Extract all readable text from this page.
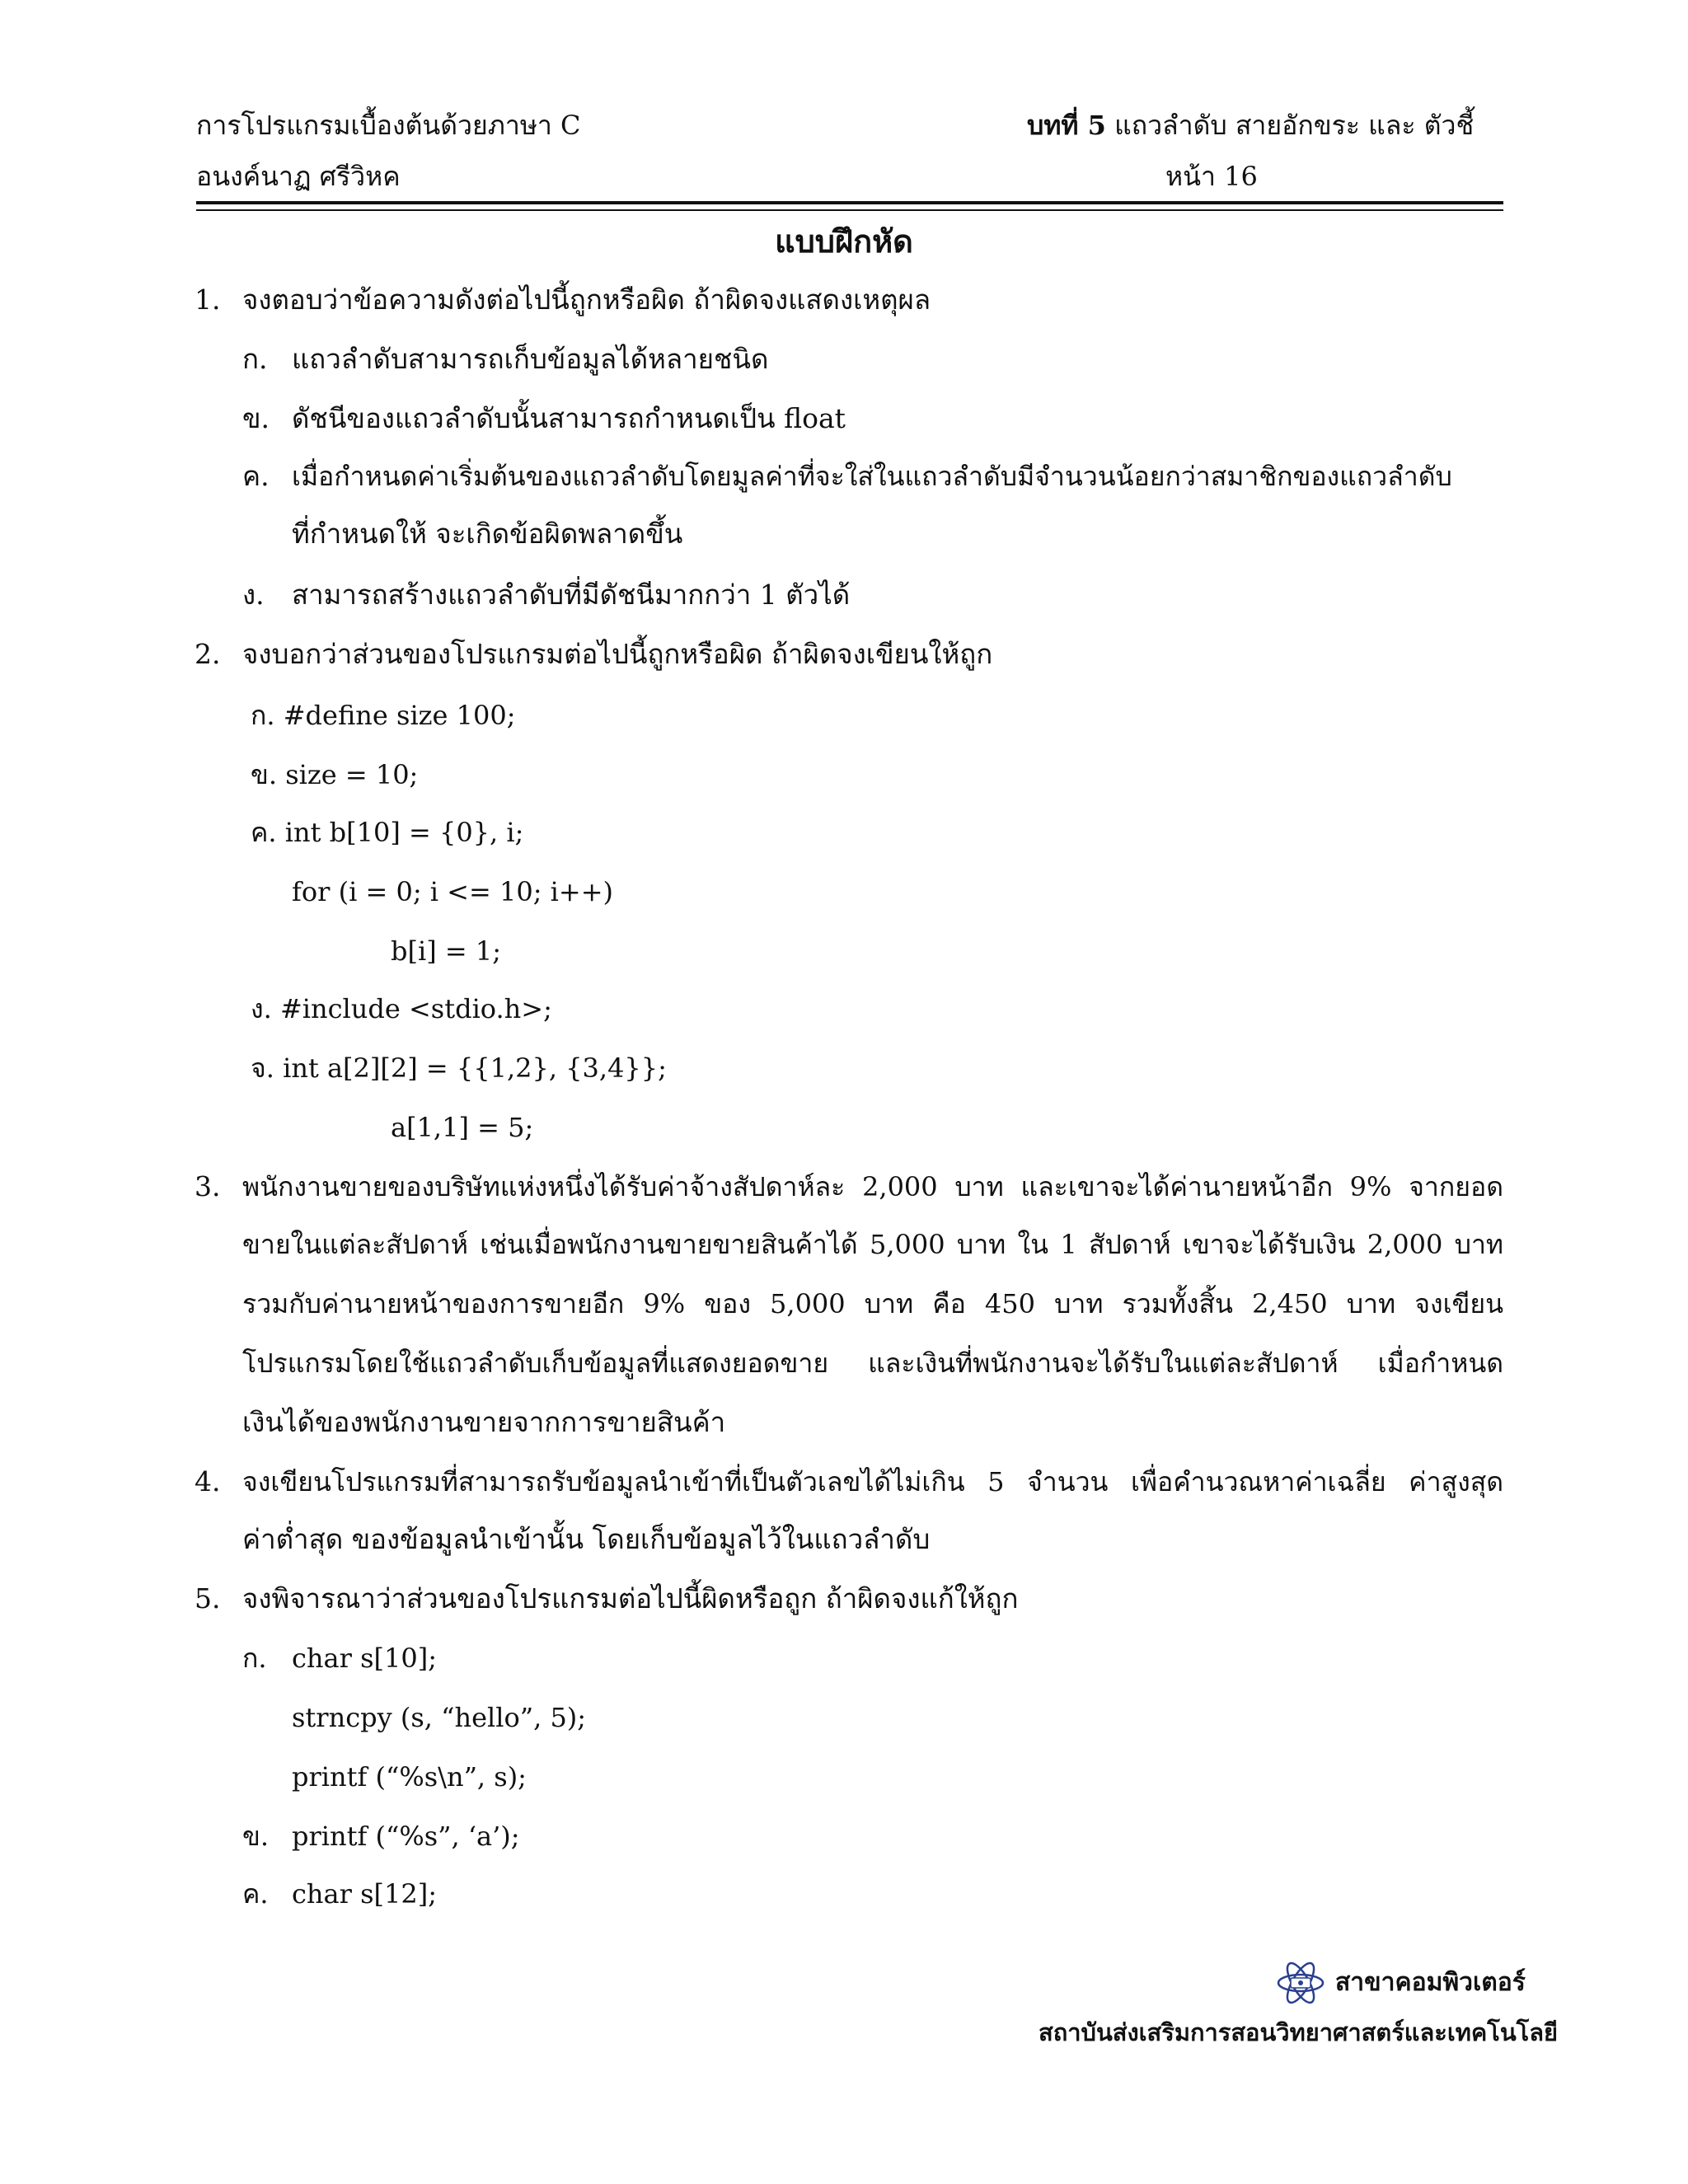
การโปรแกรมเบื้องต้นด้วยภาษา C
อนงค์นาฏ ศรีวิหค
บทที่ 5 แถวลำดับ สายอักขระ และ ตัวชี้
หน้า 16
แบบฝึกหัด
1. จงตอบว่าข้อความดังต่อไปนี้ถูกหรือผิด ถ้าผิดจงแสดงเหตุผล
ก. แถวลำดับสามารถเก็บข้อมูลได้หลายชนิด
ข. ดัชนีของแถวลำดับนั้นสามารถกำหนดเป็น float
ค. เมื่อกำหนดค่าเริ่มต้นของแถวลำดับโดยมูลค่าที่จะใส่ในแถวลำดับมีจำนวนน้อยกว่าสมาชิกของแถวลำดับ
ที่กำหนดให้ จะเกิดข้อผิดพลาดขึ้น
ง. สามารถสร้างแถวลำดับที่มีดัชนีมากกว่า 1 ตัวได้
2. จงบอกว่าส่วนของโปรแกรมต่อไปนี้ถูกหรือผิด ถ้าผิดจงเขียนให้ถูก
ก. #define size 100;
ข. size = 10;
ค. int b[10] = {0}, i;
for (i = 0; i <= 10; i++)
b[i] = 1;
ง. #include <stdio.h>;
จ. int a[2][2] = {{1,2}, {3,4}};
a[1,1] = 5;
3. พนักงานขายของบริษัทแห่งหนึ่งได้รับค่าจ้างสัปดาห์ละ 2,000 บาท และเขาจะได้ค่านายหน้าอีก 9% จากยอด
ขายในแต่ละสัปดาห์ เช่นเมื่อพนักงานขายขายสินค้าได้ 5,000 บาท ใน 1 สัปดาห์ เขาจะได้รับเงิน 2,000 บาท
รวมกับค่านายหน้าของการขายอีก 9% ของ 5,000 บาท คือ 450 บาท รวมทั้งสิ้น 2,450 บาท จงเขียน
โปรแกรมโดยใช้แถวลำดับเก็บข้อมูลที่แสดงยอดขาย และเงินที่พนักงานจะได้รับในแต่ละสัปดาห์ เมื่อกำหนด
เงินได้ของพนักงานขายจากการขายสินค้า
4. จงเขียนโปรแกรมที่สามารถรับข้อมูลนำเข้าที่เป็นตัวเลขได้ไม่เกิน 5 จำนวน เพื่อคำนวณหาค่าเฉลี่ย ค่าสูงสุด
ค่าต่ำสุด ของข้อมูลนำเข้านั้น โดยเก็บข้อมูลไว้ในแถวลำดับ
5. จงพิจารณาว่าส่วนของโปรแกรมต่อไปนี้ผิดหรือถูก ถ้าผิดจงแก้ให้ถูก
ก. char s[10];
strncpy (s, “hello”, 5);
printf (“%s\n”, s);
ข. printf (“%s”, ‘a’);
ค. char s[12];
สาขาคอมพิวเตอร์
สถาบันส่งเสริมการสอนวิทยาศาสตร์และเทคโนโลยี
